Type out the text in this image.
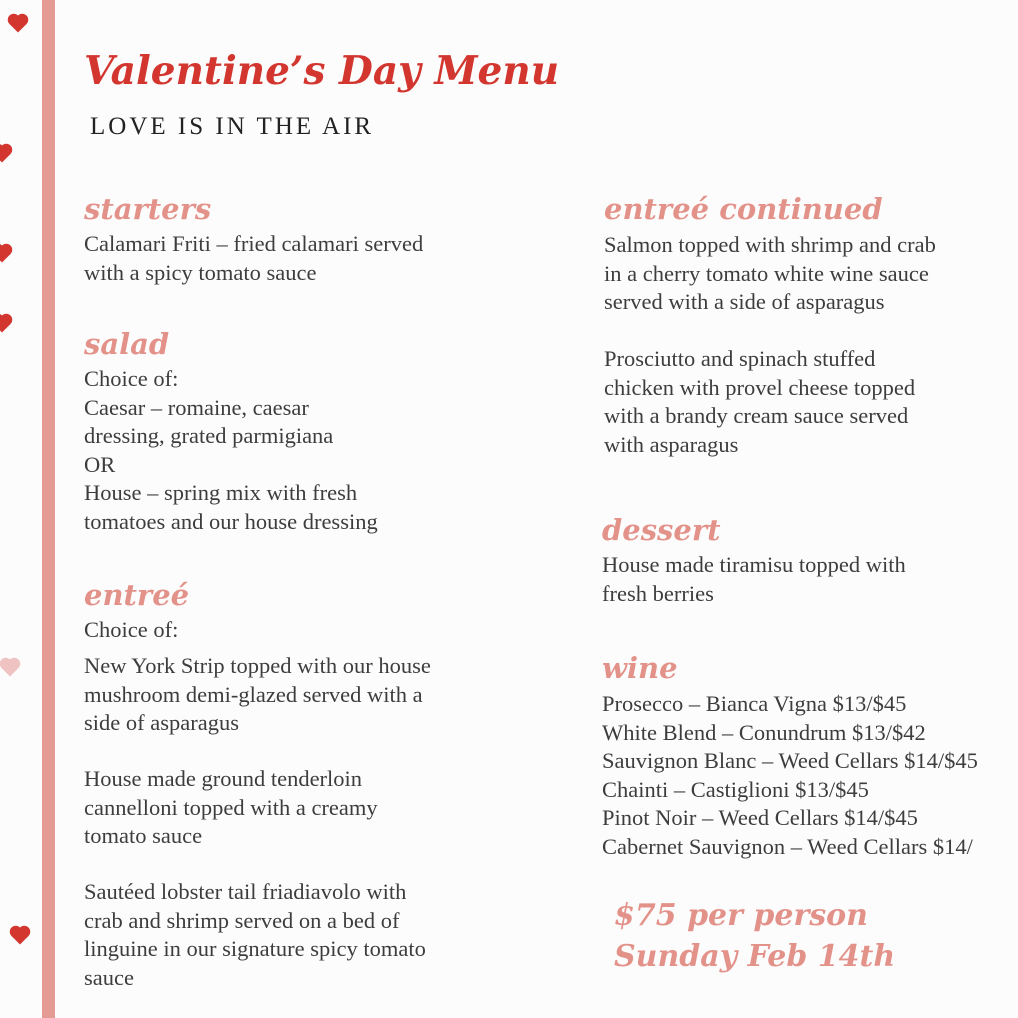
Valentine’s Day Menu
LOVE IS IN THE AIR
starters
Calamari Friti – fried calamari served
with a spicy tomato sauce
salad
Choice of:
Caesar – romaine, caesar
dressing, grated parmigiana
OR
House – spring mix with fresh
tomatoes and our house dressing
entreé
Choice of:
New York Strip topped with our house
mushroom demi-glazed served with a
side of asparagus
House made ground tenderloin
cannelloni topped with a creamy
tomato sauce
Sautéed lobster tail friadiavolo with
crab and shrimp served on a bed of
linguine in our signature spicy tomato
sauce
entreé continued
Salmon topped with shrimp and crab
in a cherry tomato white wine sauce
served with a side of asparagus
Prosciutto and spinach stuffed
chicken with provel cheese topped
with a brandy cream sauce served
with asparagus
dessert
House made tiramisu topped with
fresh berries
wine
Prosecco – Bianca Vigna $13/$45
White Blend – Conundrum $13/$42
Sauvignon Blanc – Weed Cellars $14/$45
Chainti – Castiglioni $13/$45
Pinot Noir – Weed Cellars $14/$45
Cabernet Sauvignon – Weed Cellars $14/
$75 per person
Sunday Feb 14th
